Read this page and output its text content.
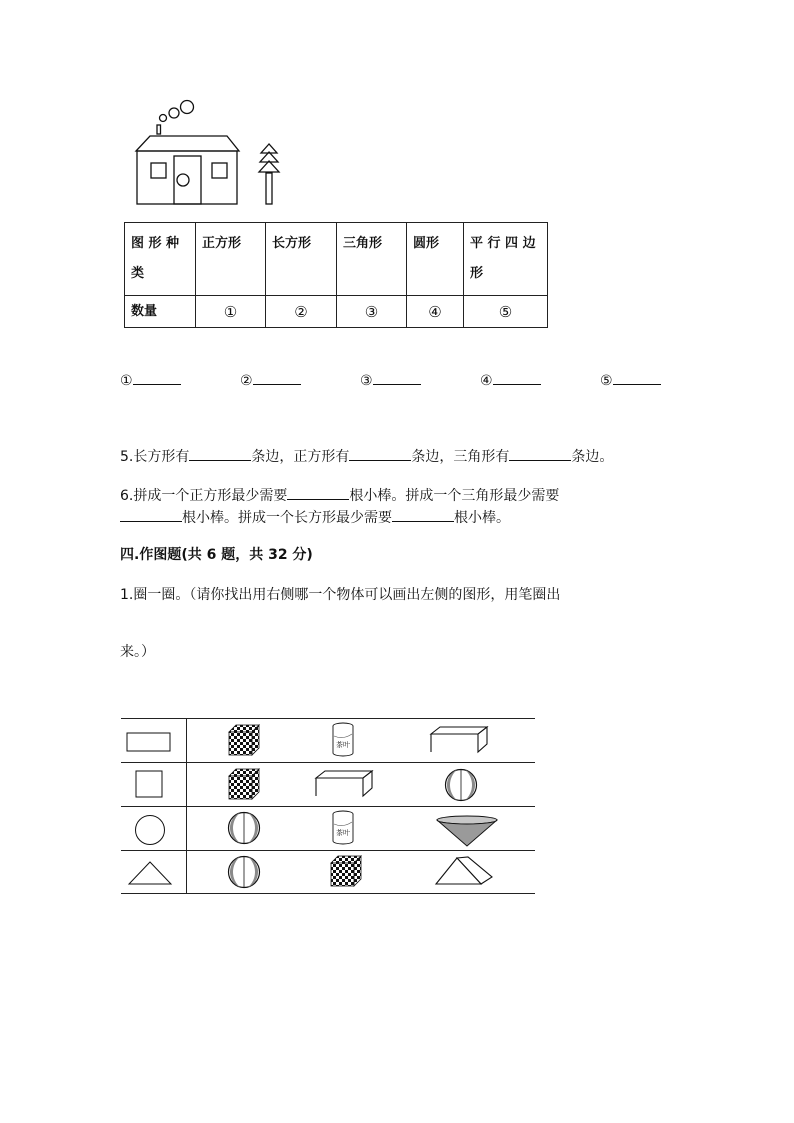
图 形 种 类	正方形	长方形	三角形	圆形	平 行 四 边 形
数量	①	②	③	④	⑤
①	②	③	④	⑤
5.长方形有	条边，正方形有	条边，三角形有	条边。
6.拼成一个正方形最少需要	根小棒。拼成一个三角形最少需要
根小棒。拼成一个长方形最少需要	根小棒。
四.作图题(共 6 题，共 32 分)
1.圈一圈。（请你找出用右侧哪一个物体可以画出左侧的图形，用笔圈出
来。）
茶叶
茶叶
